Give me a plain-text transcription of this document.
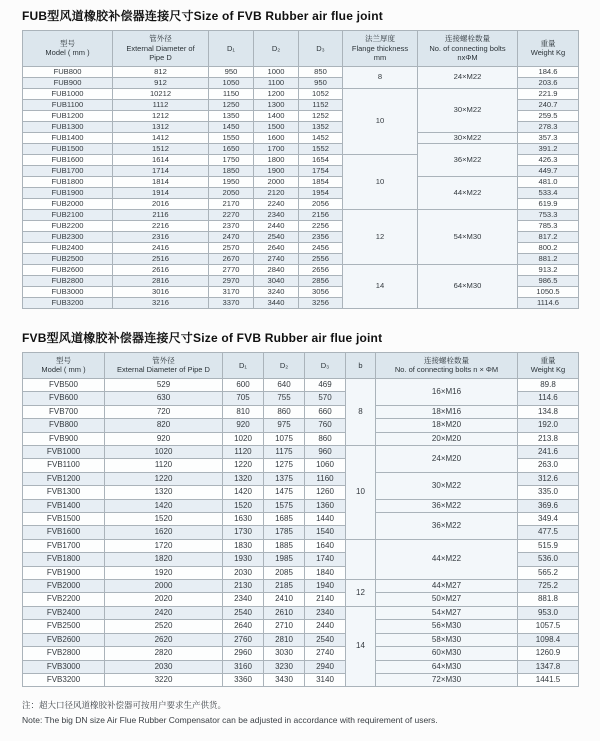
FUB型风道橡胶补偿器连接尺寸Size of FVB Rubber air flue joint

型号
Model ( mm )	管外径
External Diameter of
Pipe D	D₁	D₂	D₃	法兰厚度
Flange thickness
mm	连接螺栓数量
No. of connecting bolts
nxΦM	重量
Weight Kg
FUB800	812	950	1000	850	8	24×M22	184.6
FUB900	912	1050	1100	950			203.6
FUB1000	10212	1150	1200	1052	10	30×M22	221.9
FUB1100	1112	1250	1300	1152			240.7
FUB1200	1212	1350	1400	1252			259.5
FUB1300	1312	1450	1500	1352			278.3
FUB1400	1412	1550	1600	1452		30×M22	357.3
FUB1500	1512	1650	1700	1552		36×M22	391.2
FUB1600	1614	1750	1800	1654	10		426.3
FUB1700	1714	1850	1900	1754			449.7
FUB1800	1814	1950	2000	1854		44×M22	481.0
FUB1900	1914	2050	2120	1954			533.4
FUB2000	2016	2170	2240	2056			619.9
FUB2100	2116	2270	2340	2156	12	54×M30	753.3
FUB2200	2216	2370	2440	2256			785.3
FUB2300	2316	2470	2540	2356			817.2
FUB2400	2416	2570	2640	2456			800.2
FUB2500	2516	2670	2740	2556			881.2
FUB2600	2616	2770	2840	2656	14	64×M30	913.2
FUB2800	2816	2970	3040	2856			986.5
FUB3000	3016	3170	3240	3056			1050.5
FUB3200	3216	3370	3440	3256			1114.6

FVB型风道橡胶补偿器连接尺寸Size of FVB Rubber air flue joint

型号
Model ( mm )	管外径
External Diameter of Pipe D	D₁	D₂	D₃	b	连接螺栓数量
No. of connecting bolts n × ΦM	重量
Weight Kg
FVB500	529	600	640	469	8	16×M16	89.8
FVB600	630	705	755	570			114.6
FVB700	720	810	860	660		18×M16	134.8
FVB800	820	920	975	760		18×M20	192.0
FVB900	920	1020	1075	860		20×M20	213.8
FVB1000	1020	1120	1175	960	10	24×M20	241.6
FVB1100	1120	1220	1275	1060			263.0
FVB1200	1220	1320	1375	1160		30×M22	312.6
FVB1300	1320	1420	1475	1260			335.0
FVB1400	1420	1520	1575	1360		36×M22	369.6
FVB1500	1520	1630	1685	1440		36×M22	349.4
FVB1600	1620	1730	1785	1540			477.5
FVB1700	1720	1830	1885	1640		44×M22	515.9
FVB1800	1820	1930	1985	1740			536.0
FVB1900	1920	2030	2085	1840			565.2
FVB2000	2000	2130	2185	1940	12	44×M27	725.2
FVB2200	2020	2340	2410	2140		50×M27	881.8
FVB2400	2420	2540	2610	2340	14	54×M27	953.0
FVB2500	2520	2640	2710	2440		56×M30	1057.5
FVB2600	2620	2760	2810	2540		58×M30	1098.4
FVB2800	2820	2960	3030	2740		60×M30	1260.9
FVB3000	2030	3160	3230	2940		64×M30	1347.8
FVB3200	3220	3360	3430	3140		72×M30	1441.5

注：超大口径风道橡胶补偿器可按用户要求生产供货。

Note: The big DN size Air Flue Rubber Compensator can be adjusted in accordance with requirement of users.
